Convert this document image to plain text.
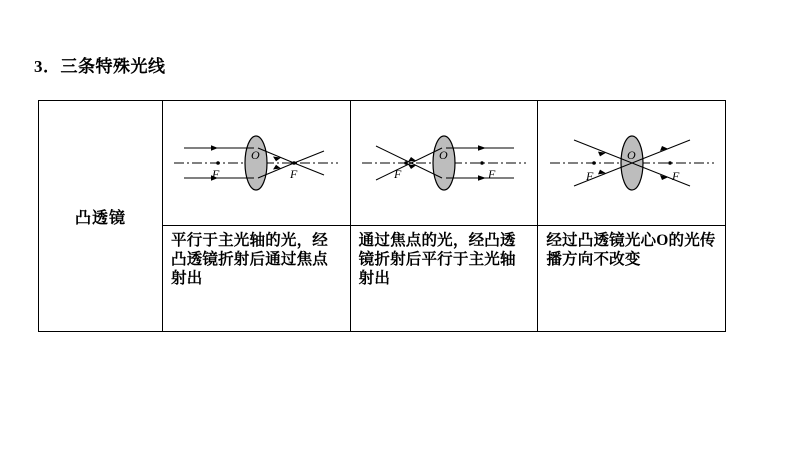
3．三条特殊光线
凸透镜
F
O
F
平行于主光轴的光，经凸透镜折射后通过焦点射出
F
O
F
通过焦点的光，经凸透镜折射后平行于主光轴射出
F
O
F
经过凸透镜光心O的光传播方向不改变
